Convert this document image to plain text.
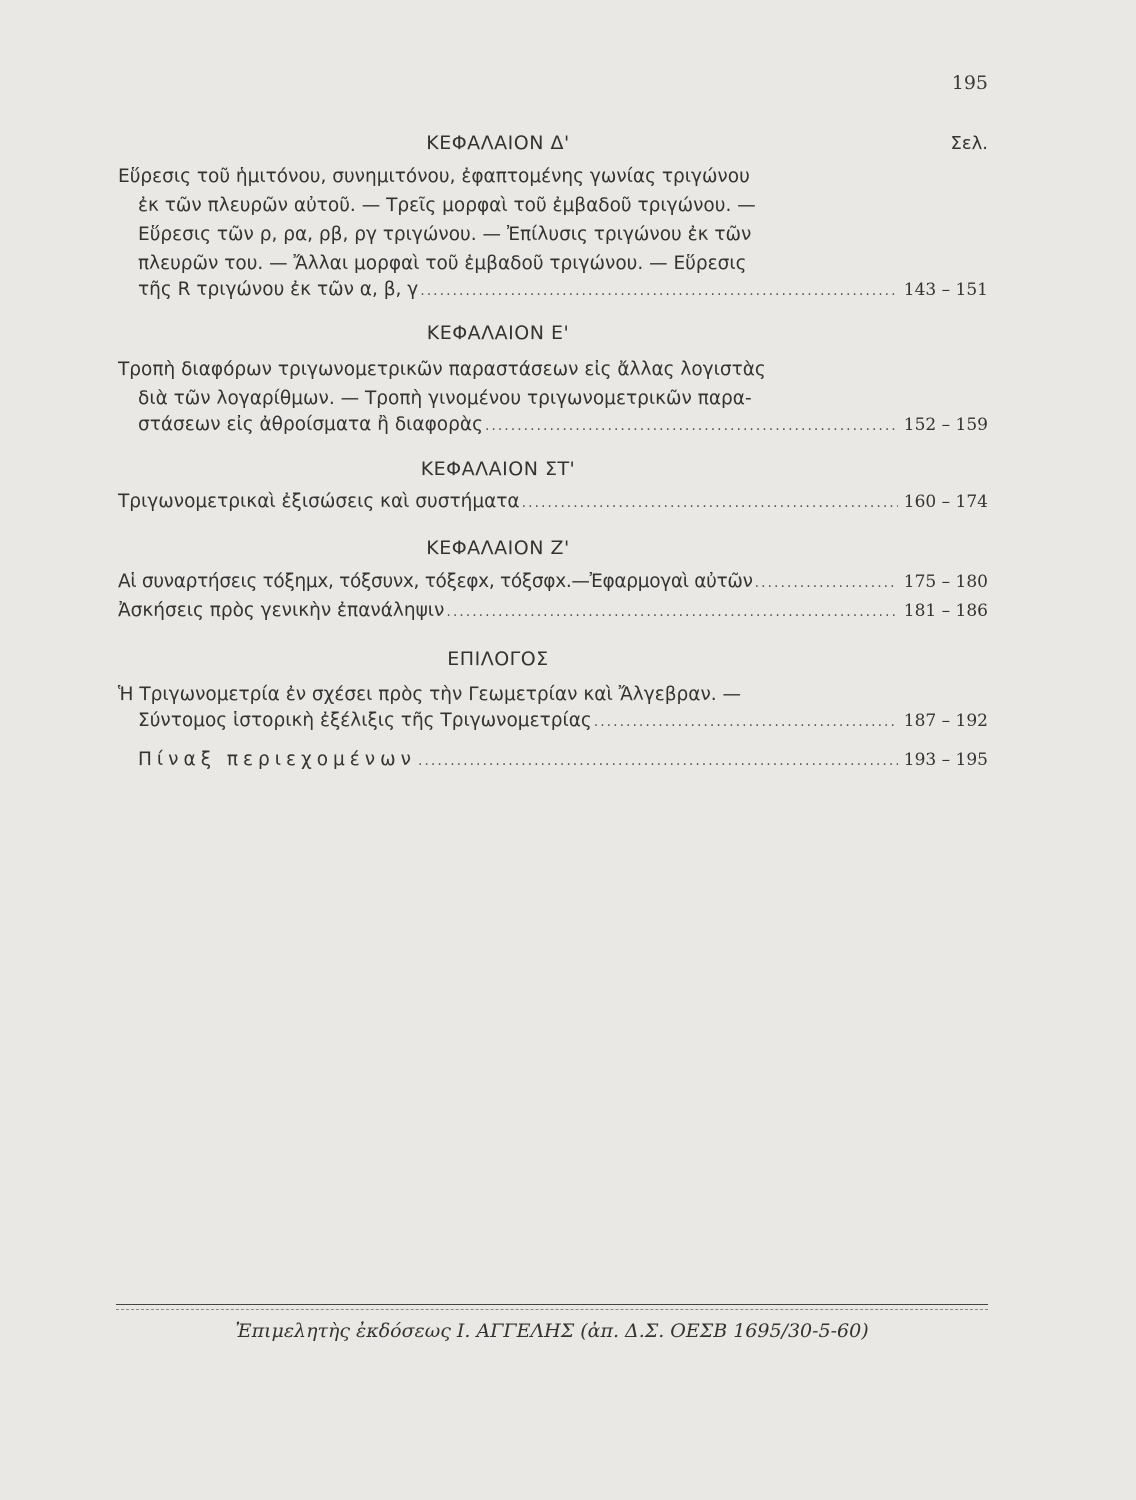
195
ΚΕΦΑΛΑΙΟΝ Δ'	Σελ.
Εὕρεσις τοῦ ἡμιτόνου, συνημιτόνου, ἐφαπτομένης γωνίας τριγώνου
ἐκ τῶν πλευρῶν αὐτοῦ. — Τρεῖς μορφαὶ τοῦ ἐμβαδοῦ τριγώνου. —
Εὕρεσις τῶν ρ, ρα, ρβ, ργ τριγώνου. — Ἐπίλυσις τριγώνου ἐκ τῶν
πλευρῶν του. — Ἄλλαι μορφαὶ τοῦ ἐμβαδοῦ τριγώνου. — Εὕρεσις
τῆς R τριγώνου ἐκ τῶν α, β, γ .....	143 – 151
ΚΕΦΑΛΑΙΟΝ Ε'
Τροπὴ διαφόρων τριγωνομετρικῶν παραστάσεων εἰς ἄλλας λογιστὰς
διὰ τῶν λογαρίθμων. — Τροπὴ γινομένου τριγωνομετρικῶν παρα-
στάσεων εἰς ἀθροίσματα ἢ διαφορὰς .....	152 – 159
ΚΕΦΑΛΑΙΟΝ ΣΤ'
Τριγωνομετρικαὶ ἐξισώσεις καὶ συστήματα .....	160 – 174
ΚΕΦΑΛΑΙΟΝ Ζ'
Αἱ συναρτήσεις τόξημx, τόξσυνx, τόξεφx, τόξσφx.—Ἐφαρμογαὶ αὐτῶν .....	175 – 180
Ἀσκήσεις πρὸς γενικὴν ἐπανάληψιν .....	181 – 186
ΕΠΙΛΟΓΟΣ
Ἡ Τριγωνομετρία ἐν σχέσει πρὸς τὴν Γεωμετρίαν καὶ Ἄλγεβραν. —
Σύντομος ἱστορικὴ ἐξέλιξις τῆς Τριγωνομετρίας .....	187 – 192
Πίναξ περιεχομένων .....	193 – 195
Ἐπιμελητὴς ἐκδόσεως Ι. ΑΓΓΕΛΗΣ (ἀπ. Δ.Σ. ΟΕΣΒ 1695/30-5-60)
